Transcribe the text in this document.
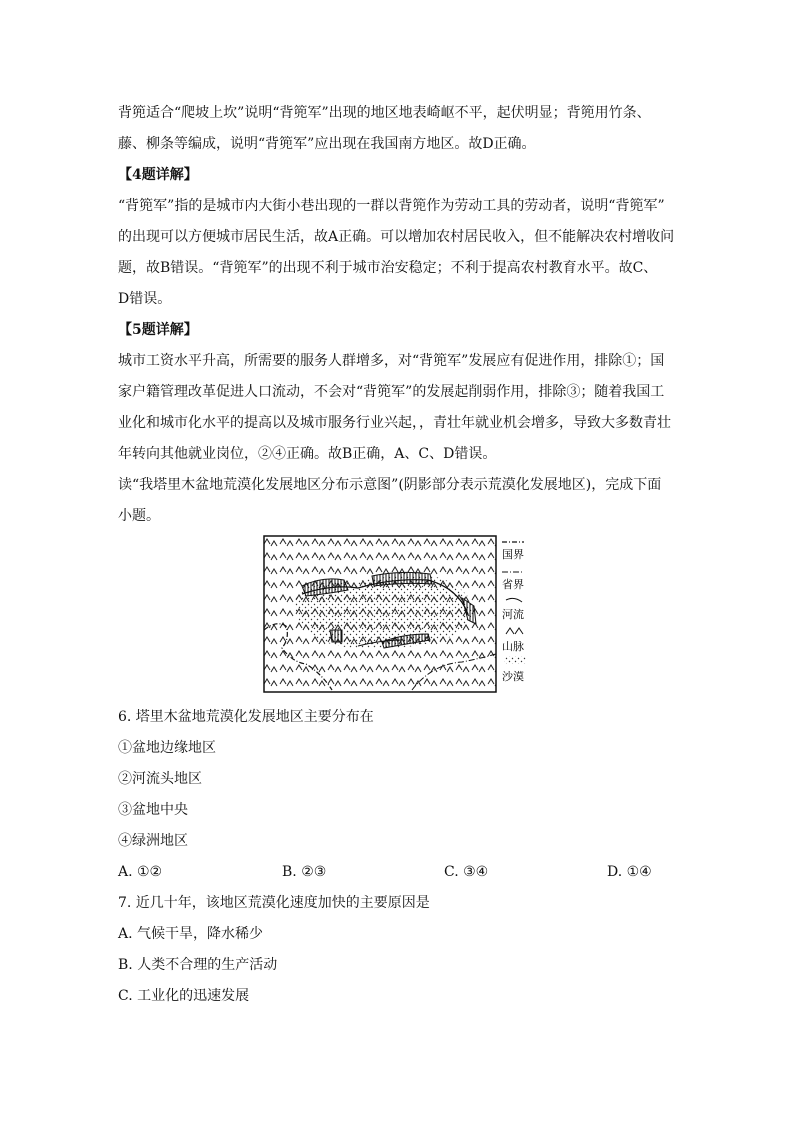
背篼适合“爬坡上坎”说明“背篼军”出现的地区地表崎岖不平，起伏明显；背篼用竹条、
藤、柳条等编成，说明“背篼军”应出现在我国南方地区。故D正确。

【4题详解】

“背篼军”指的是城市内大街小巷出现的一群以背篼作为劳动工具的劳动者，说明“背篼军”
的出现可以方便城市居民生活，故A正确。可以增加农村居民收入，但不能解决农村增收问
题，故B错误。“背篼军”的出现不利于城市治安稳定；不利于提高农村教育水平。故C、
D错误。

【5题详解】

城市工资水平升高，所需要的服务人群增多，对“背篼军”发展应有促进作用，排除①；国
家户籍管理改革促进人口流动，不会对“背篼军”的发展起削弱作用，排除③；随着我国工
业化和城市化水平的提高以及城市服务行业兴起，，青壮年就业机会增多，导致大多数青壮
年转向其他就业岗位，②④正确。故B正确，A、C、D错误。

读“我塔里木盆地荒漠化发展地区分布示意图”(阴影部分表示荒漠化发展地区)，完成下面
小题。

国界
省界
河流
山脉
沙漠

6. 塔里木盆地荒漠化发展地区主要分布在
①盆地边缘地区
②河流头地区
③盆地中央
④绿洲地区

A. ①②	B. ②③	C. ③④	D. ①④

7. 近几十年，该地区荒漠化速度加快的主要原因是
A. 气候干旱，降水稀少
B. 人类不合理的生产活动
C. 工业化的迅速发展
